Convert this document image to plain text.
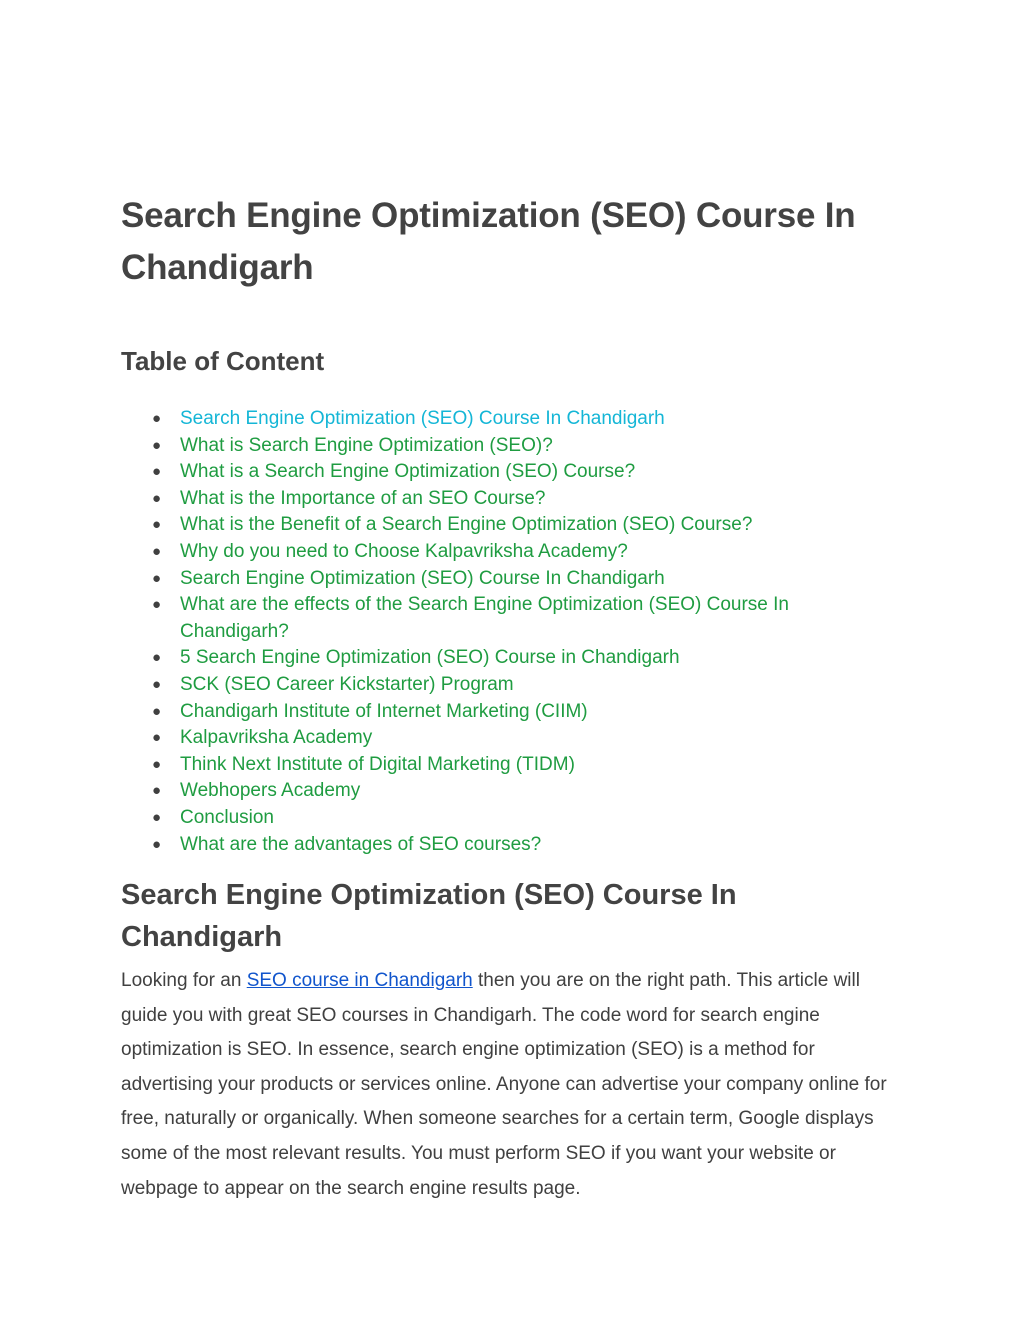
Search Engine Optimization (SEO) Course In Chandigarh
Table of Content
● Search Engine Optimization (SEO) Course In Chandigarh
● What is Search Engine Optimization (SEO)?
● What is a Search Engine Optimization (SEO) Course?
● What is the Importance of an SEO Course?
● What is the Benefit of a Search Engine Optimization (SEO) Course?
● Why do you need to Choose Kalpavriksha Academy?
● Search Engine Optimization (SEO) Course In Chandigarh
● What are the effects of the Search Engine Optimization (SEO) Course In Chandigarh?
● 5 Search Engine Optimization (SEO) Course in Chandigarh
● SCK (SEO Career Kickstarter) Program
● Chandigarh Institute of Internet Marketing (CIIM)
● Kalpavriksha Academy
● Think Next Institute of Digital Marketing (TIDM)
● Webhopers Academy
● Conclusion
● What are the advantages of SEO courses?
Search Engine Optimization (SEO) Course In Chandigarh

Looking for an SEO course in Chandigarh then you are on the right path. This article will guide you with great SEO courses in Chandigarh. The code word for search engine optimization is SEO. In essence, search engine optimization (SEO) is a method for advertising your products or services online. Anyone can advertise your company online for free, naturally or organically. When someone searches for a certain term, Google displays some of the most relevant results. You must perform SEO if you want your website or webpage to appear on the search engine results page.
